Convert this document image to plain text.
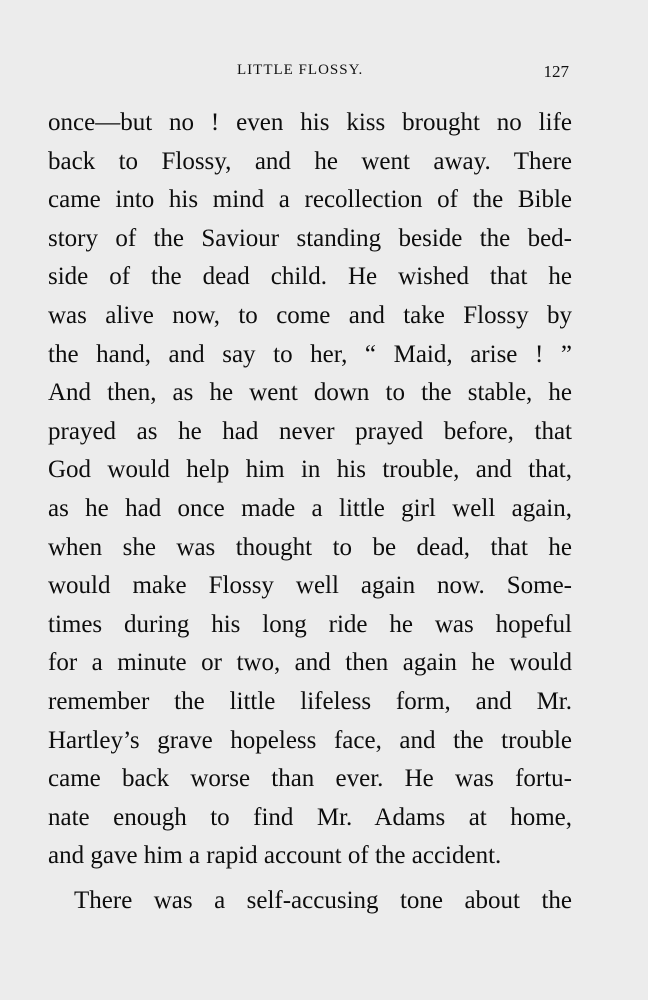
LITTLE FLOSSY.	127
once—but no ! even his kiss brought no life
back to Flossy, and he went away. There
came into his mind a recollection of the Bible
story of the Saviour standing beside the bed-
side of the dead child. He wished that he
was alive now, to come and take Flossy by
the hand, and say to her, “ Maid, arise ! ”
And then, as he went down to the stable, he
prayed as he had never prayed before, that
God would help him in his trouble, and that,
as he had once made a little girl well again,
when she was thought to be dead, that he
would make Flossy well again now. Some-
times during his long ride he was hopeful
for a minute or two, and then again he would
remember the little lifeless form, and Mr.
Hartley’s grave hopeless face, and the trouble
came back worse than ever. He was fortu-
nate enough to find Mr. Adams at home,
and gave him a rapid account of the accident.
There was a self-accusing tone about the
